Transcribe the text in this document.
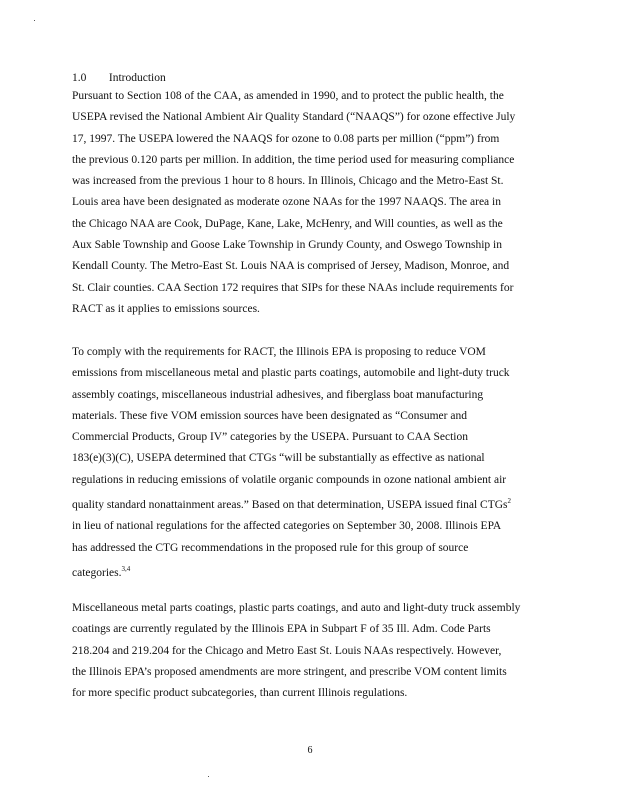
1.0 Introduction
Pursuant to Section 108 of the CAA, as amended in 1990, and to protect the public health, the
USEPA revised the National Ambient Air Quality Standard (“NAAQS”) for ozone effective July
17, 1997. The USEPA lowered the NAAQS for ozone to 0.08 parts per million (“ppm”) from
the previous 0.120 parts per million. In addition, the time period used for measuring compliance
was increased from the previous 1 hour to 8 hours. In Illinois, Chicago and the Metro-East St.
Louis area have been designated as moderate ozone NAAs for the 1997 NAAQS. The area in
the Chicago NAA are Cook, DuPage, Kane, Lake, McHenry, and Will counties, as well as the
Aux Sable Township and Goose Lake Township in Grundy County, and Oswego Township in
Kendall County. The Metro-East St. Louis NAA is comprised of Jersey, Madison, Monroe, and
St. Clair counties. CAA Section 172 requires that SIPs for these NAAs include requirements for
RACT as it applies to emissions sources.
To comply with the requirements for RACT, the Illinois EPA is proposing to reduce VOM
emissions from miscellaneous metal and plastic parts coatings, automobile and light-duty truck
assembly coatings, miscellaneous industrial adhesives, and fiberglass boat manufacturing
materials. These five VOM emission sources have been designated as “Consumer and
Commercial Products, Group IV” categories by the USEPA. Pursuant to CAA Section
183(e)(3)(C), USEPA determined that CTGs “will be substantially as effective as national
regulations in reducing emissions of volatile organic compounds in ozone national ambient air
quality standard nonattainment areas.” Based on that determination, USEPA issued final CTGs$^2$
in lieu of national regulations for the affected categories on September 30, 2008. Illinois EPA
has addressed the CTG recommendations in the proposed rule for this group of source
categories.$^{3,4}$
Miscellaneous metal parts coatings, plastic parts coatings, and auto and light-duty truck assembly
coatings are currently regulated by the Illinois EPA in Subpart F of 35 Ill. Adm. Code Parts
218.204 and 219.204 for the Chicago and Metro East St. Louis NAAs respectively. However,
the Illinois EPA’s proposed amendments are more stringent, and prescribe VOM content limits
for more specific product subcategories, than current Illinois regulations.
6
